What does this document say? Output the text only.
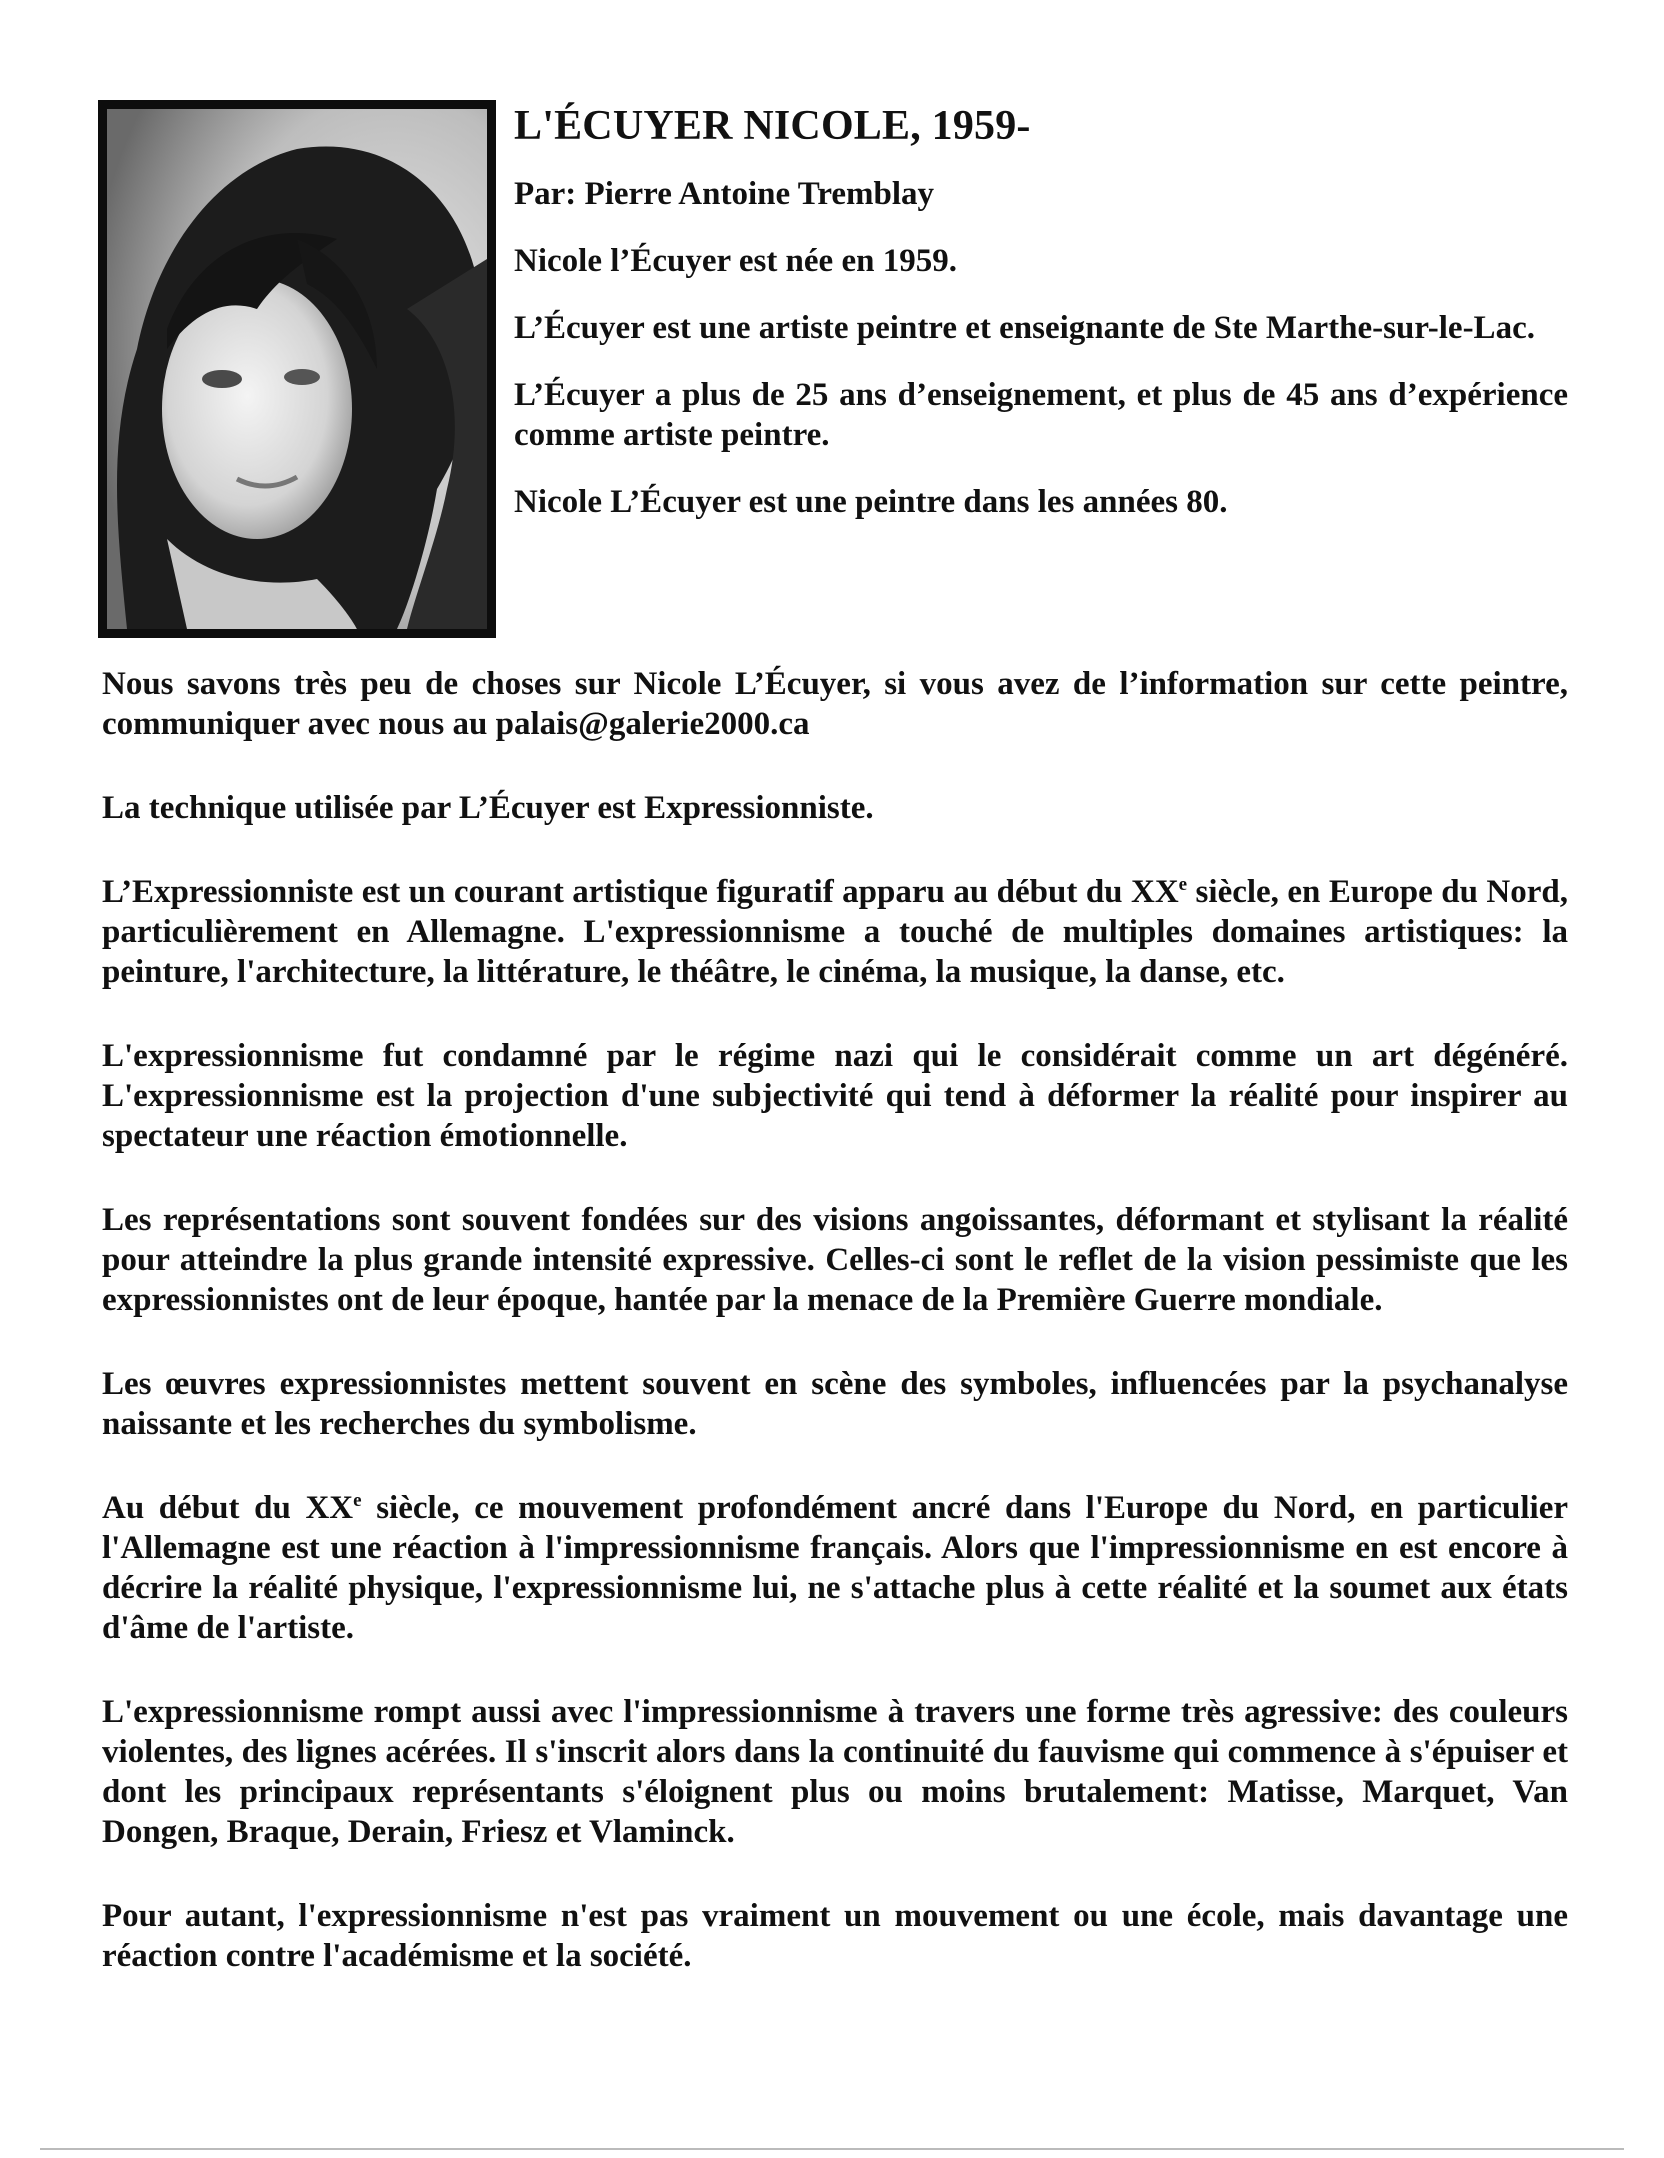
L'ÉCUYER NICOLE, 1959-

Par: Pierre Antoine Tremblay

Nicole l’Écuyer est née en 1959.

L’Écuyer est une artiste peintre et enseignante de Ste Marthe-sur-le-Lac.

L’Écuyer a plus de 25 ans d’enseignement, et plus de 45 ans d’expérience comme artiste peintre.

Nicole L’Écuyer est une peintre dans les années 80.

Nous savons très peu de choses sur Nicole L’Écuyer, si vous avez de l’information sur cette peintre, communiquer avec nous au palais@galerie2000.ca

La technique utilisée par L’Écuyer est Expressionniste.

L’Expressionniste est un courant artistique figuratif apparu au début du XXe siècle, en Europe du Nord, particulièrement en Allemagne. L'expressionnisme a touché de multiples domaines artistiques: la peinture, l'architecture, la littérature, le théâtre, le cinéma, la musique, la danse, etc.

L'expressionnisme fut condamné par le régime nazi qui le considérait comme un art dégénéré. L'expressionnisme est la projection d'une subjectivité qui tend à déformer la réalité pour inspirer au spectateur une réaction émotionnelle.

Les représentations sont souvent fondées sur des visions angoissantes, déformant et stylisant la réalité pour atteindre la plus grande intensité expressive. Celles-ci sont le reflet de la vision pessimiste que les expressionnistes ont de leur époque, hantée par la menace de la Première Guerre mondiale.

Les œuvres expressionnistes mettent souvent en scène des symboles, influencées par la psychanalyse naissante et les recherches du symbolisme.

Au début du XXe siècle, ce mouvement profondément ancré dans l'Europe du Nord, en particulier l'Allemagne est une réaction à l'impressionnisme français. Alors que l'impressionnisme en est encore à décrire la réalité physique, l'expressionnisme lui, ne s'attache plus à cette réalité et la soumet aux états d'âme de l'artiste.

L'expressionnisme rompt aussi avec l'impressionnisme à travers une forme très agressive: des couleurs violentes, des lignes acérées. Il s'inscrit alors dans la continuité du fauvisme qui commence à s'épuiser et dont les principaux représentants s'éloignent plus ou moins brutalement: Matisse, Marquet, Van Dongen, Braque, Derain, Friesz et Vlaminck.

Pour autant, l'expressionnisme n'est pas vraiment un mouvement ou une école, mais davantage une réaction contre l'académisme et la société.
